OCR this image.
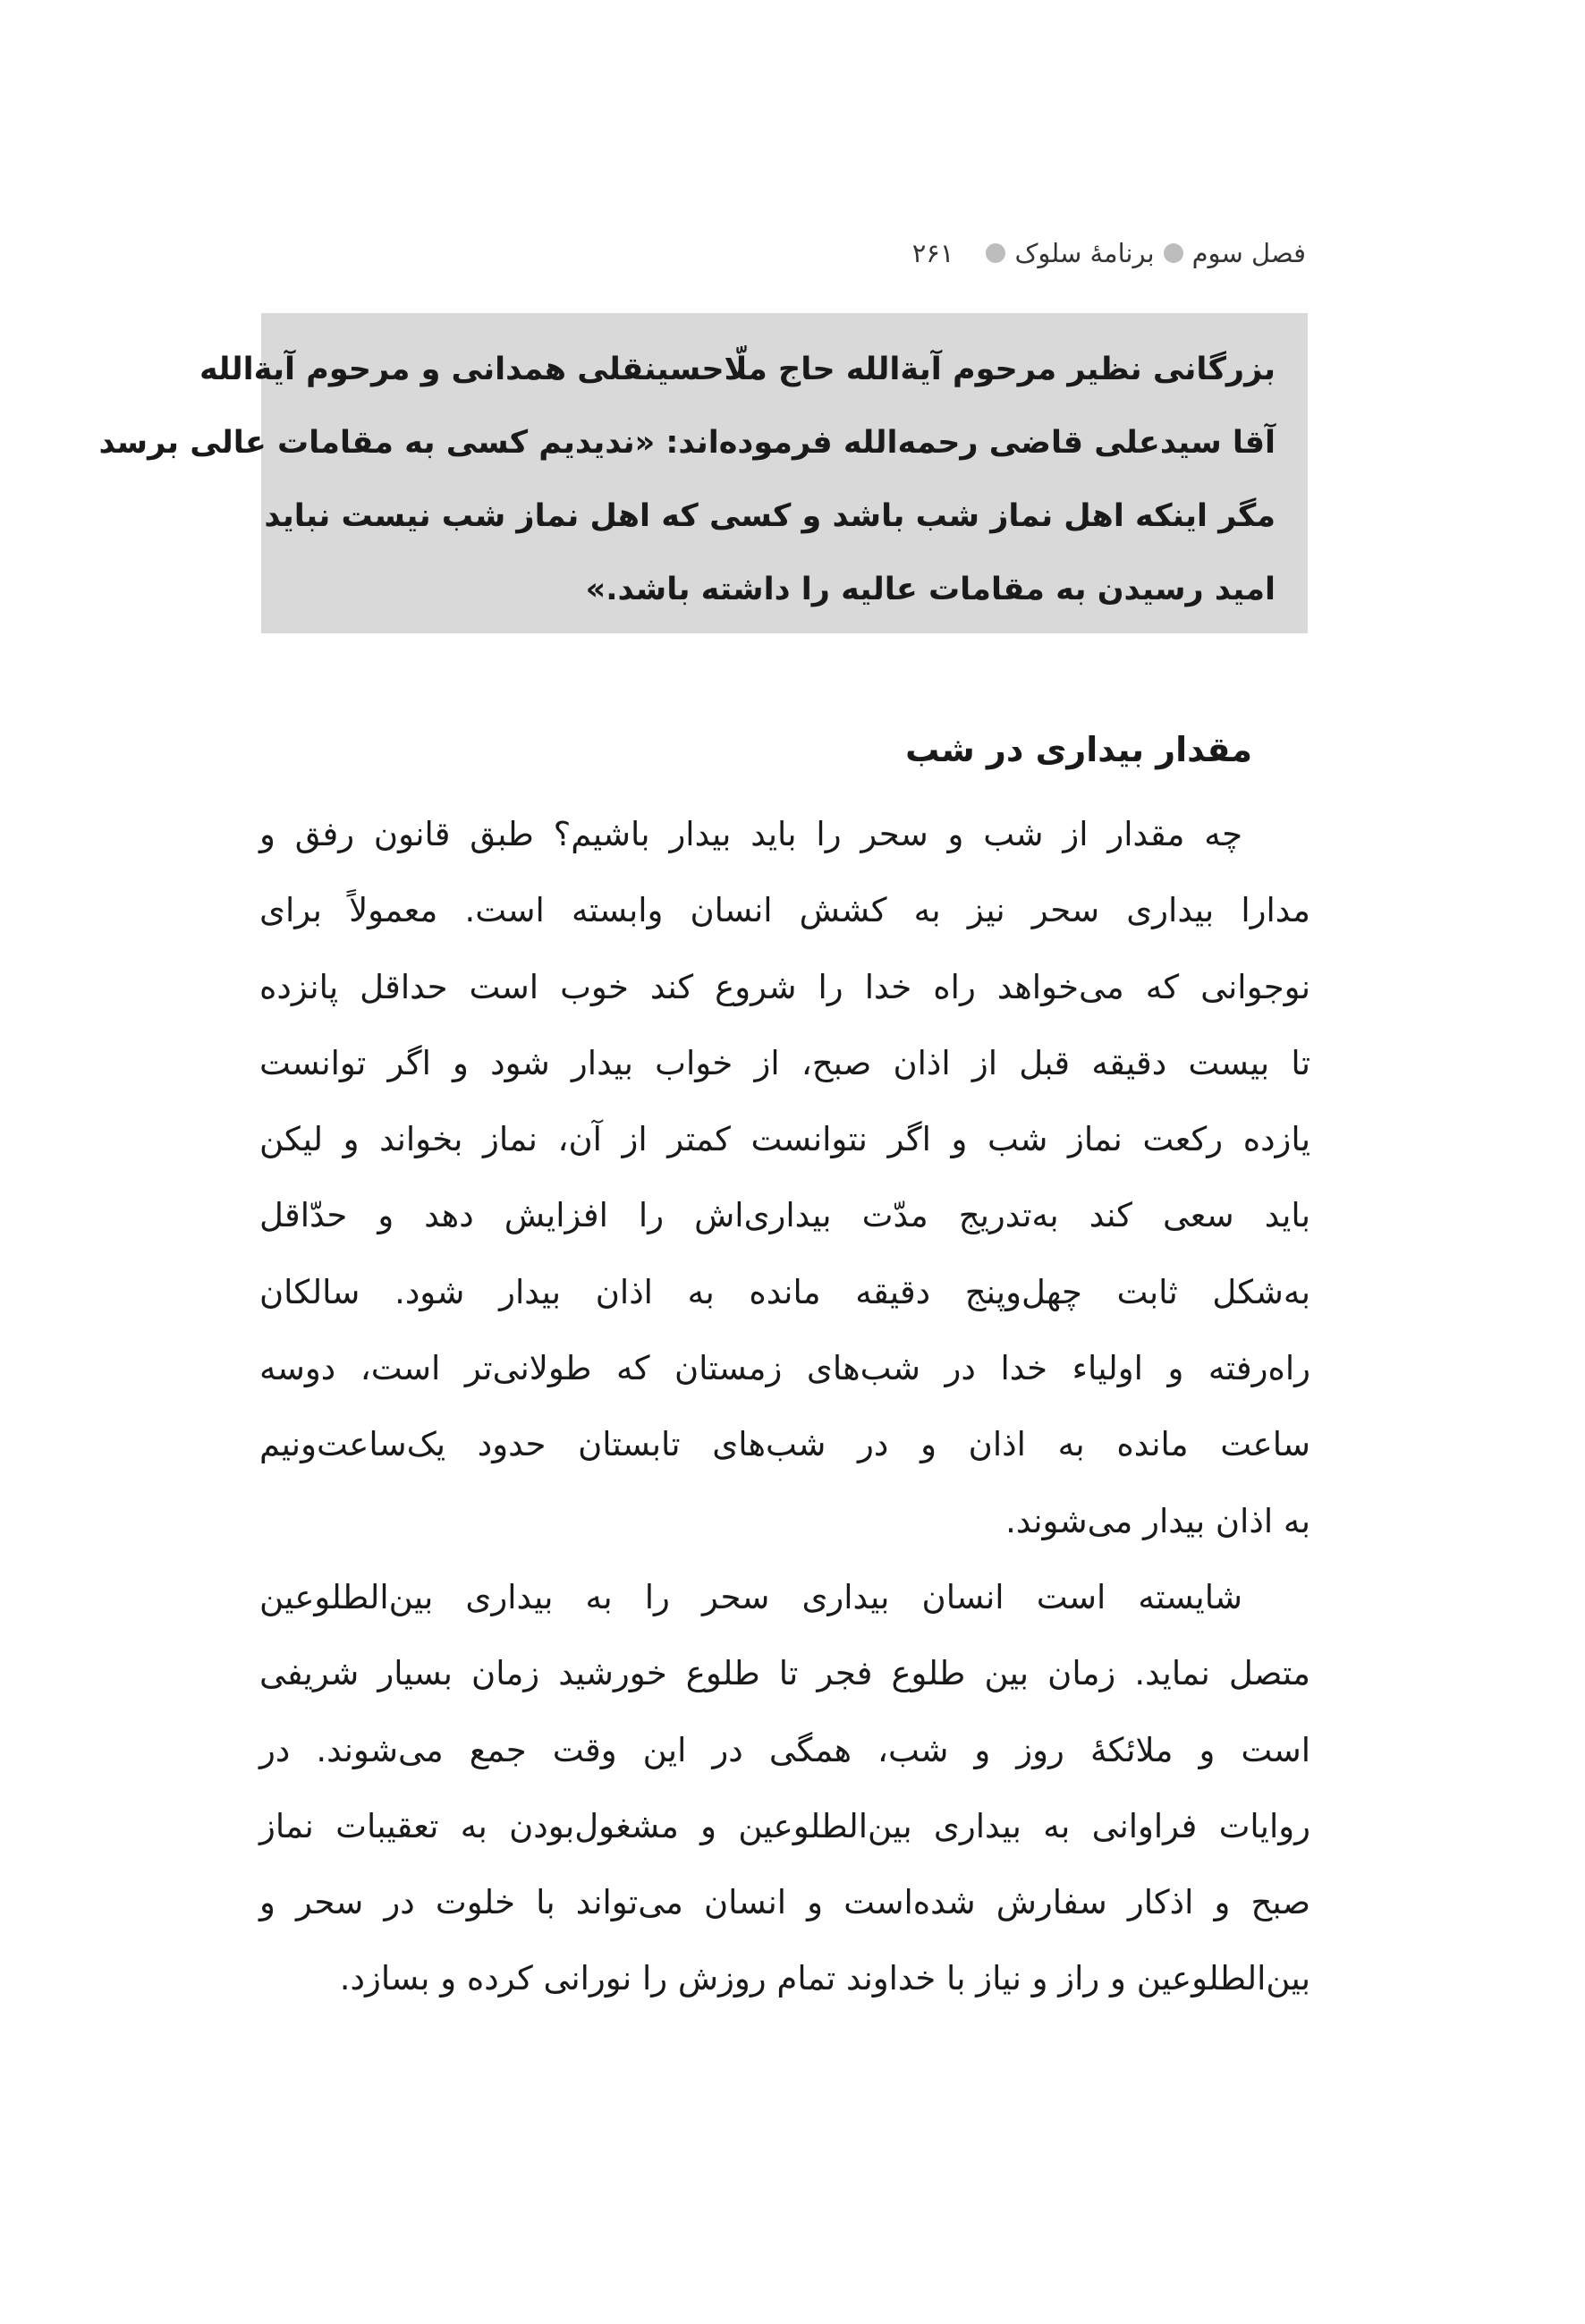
فصل سوم
برنامهٔ سلوک
۲۶۱
بزرگانی نظیر مرحوم آیةالله حاج ملّاحسینقلی همدانی و مرحوم آیةالله
آقا سیدعلی قاضی رحمه‌الله فرموده‌اند: «ندیدیم کسی به مقامات عالی برسد
مگر اینکه اهل نماز شب باشد و کسی که اهل نماز شب نیست نباید
امید رسیدن به مقامات عالیه را داشته باشد.»
مقدار بیداری در شب
چه مقدار از شب و سحر را باید بیدار باشیم؟ طبق قانون رفق و
مدارا بیداری سحر نیز به کشش انسان وابسته است. معمولاً برای
نوجوانی که می‌خواهد راه خدا را شروع کند خوب است حداقل پانزده
تا بیست دقیقه قبل از اذان صبح، از خواب بیدار شود و اگر توانست
یازده رکعت نماز شب و اگر نتوانست کمتر از آن، نماز بخواند و لیکن
باید سعی کند به‌تدریج مدّت بیداری‌اش را افزایش دهد و حدّاقل
به‌شکل ثابت چهل‌وپنج دقیقه مانده به اذان بیدار شود. سالکان
راه‌رفته و اولیاء خدا در شب‌های زمستان که طولانی‌تر است، دوسه
ساعت مانده به اذان و در شب‌های تابستان حدود یک‌ساعت‌ونیم
به اذان بیدار می‌شوند.
شایسته است انسان بیداری سحر را به بیداری بین‌الطلوعین
متصل نماید. زمان بین طلوع فجر تا طلوع خورشید زمان بسیار شریفی
است و ملائکهٔ روز و شب، همگی در این وقت جمع می‌شوند. در
روایات فراوانی به بیداری بین‌الطلوعین و مشغول‌بودن به تعقیبات نماز
صبح و اذکار سفارش شده‌است و انسان می‌تواند با خلوت در سحر و
بین‌الطلوعین و راز و نیاز با خداوند تمام روزش را نورانی کرده و بسازد.
